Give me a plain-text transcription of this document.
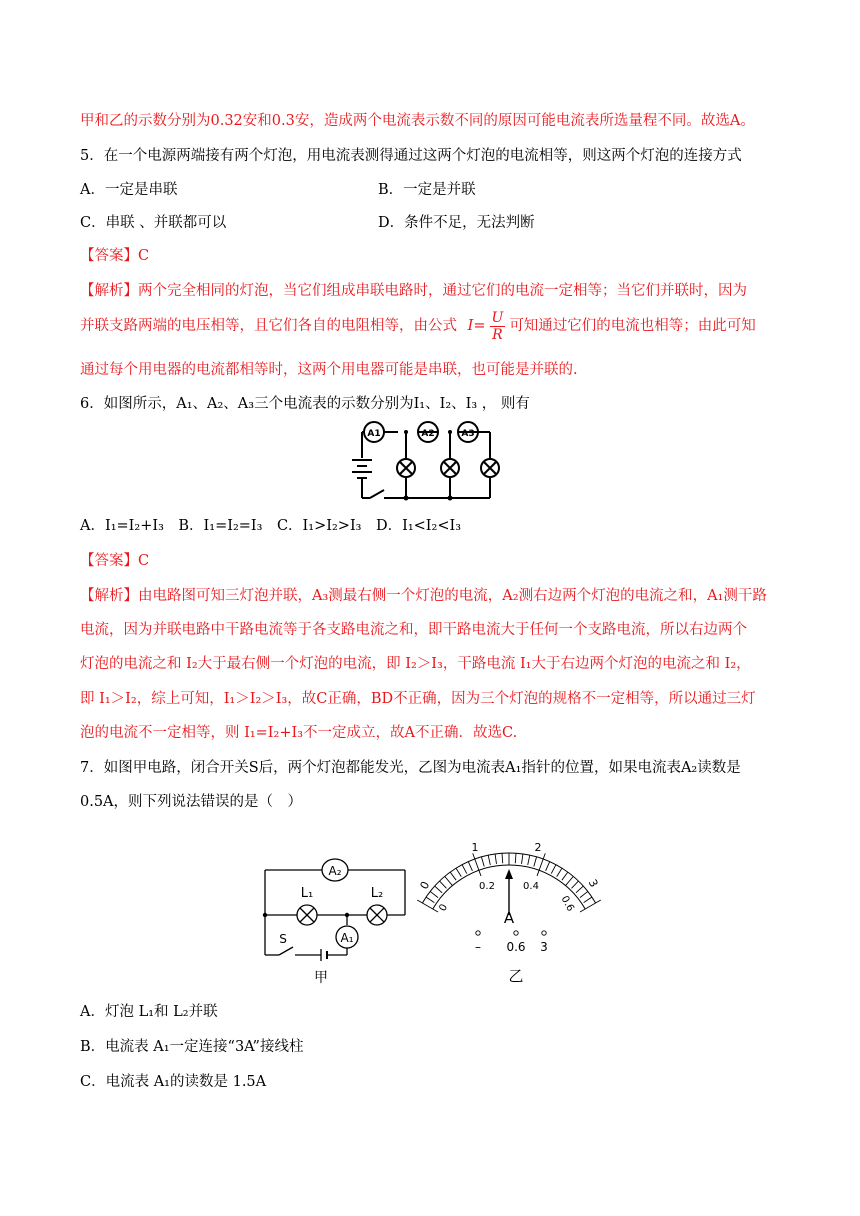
甲和乙的示数分别为0.32安和0.3安，造成两个电流表示数不同的原因可能电流表所选量程不同。故选A。
5．在一个电源两端接有两个灯泡，用电流表测得通过这两个灯泡的电流相等，则这两个灯泡的连接方式
A．一定是串联	B．一定是并联
C．串联 、并联都可以	D．条件不足，无法判断
【答案】C
【解析】两个完全相同的灯泡，当它们组成串联电路时，通过它们的电流一定相等；当它们并联时，因为
并联支路两端的电压相等，且它们各自的电阻相等，由公式 $I= \frac{U}{R}$ 可知通过它们的电流也相等；由此可知
通过每个用电器的电流都相等时，这两个用电器可能是串联，也可能是并联的.
6．如图所示，A₁、A₂、A₃三个电流表的示数分别为I₁、I₂、I₃ ， 则有
A1	A2	A3
A．I₁=I₂+I₃　B．I₁=I₂=I₃　C．I₁>I₂>I₃　D．I₁<I₂<I₃
【答案】C
【解析】由电路图可知三灯泡并联，A₃测最右侧一个灯泡的电流，A₂测右边两个灯泡的电流之和，A₁测干路
电流，因为并联电路中干路电流等于各支路电流之和，即干路电流大于任何一个支路电流，所以右边两个
灯泡的电流之和 I₂大于最右侧一个灯泡的电流，即 I₂＞I₃，干路电流 I₁大于右边两个灯泡的电流之和 I₂，
即 I₁＞I₂，综上可知，I₁＞I₂＞I₃，故C正确，BD不正确，因为三个灯泡的规格不一定相等，所以通过三灯
泡的电流不一定相等，则 I₁=I₂+I₃不一定成立，故A不正确．故选C.
7．如图甲电路，闭合开关S后，两个灯泡都能发光，乙图为电流表A₁指针的位置，如果电流表A₂读数是
0.5A，则下列说法错误的是（　）
A₂
A₁
L₁	L₂
S
甲
0
1	2
3
0
0.2	0.4
0.6
A
– 0.6 3
乙
A．灯泡 L₁和 L₂并联
B．电流表 A₁一定连接“3A”接线柱
C．电流表 A₁的读数是 1.5A
